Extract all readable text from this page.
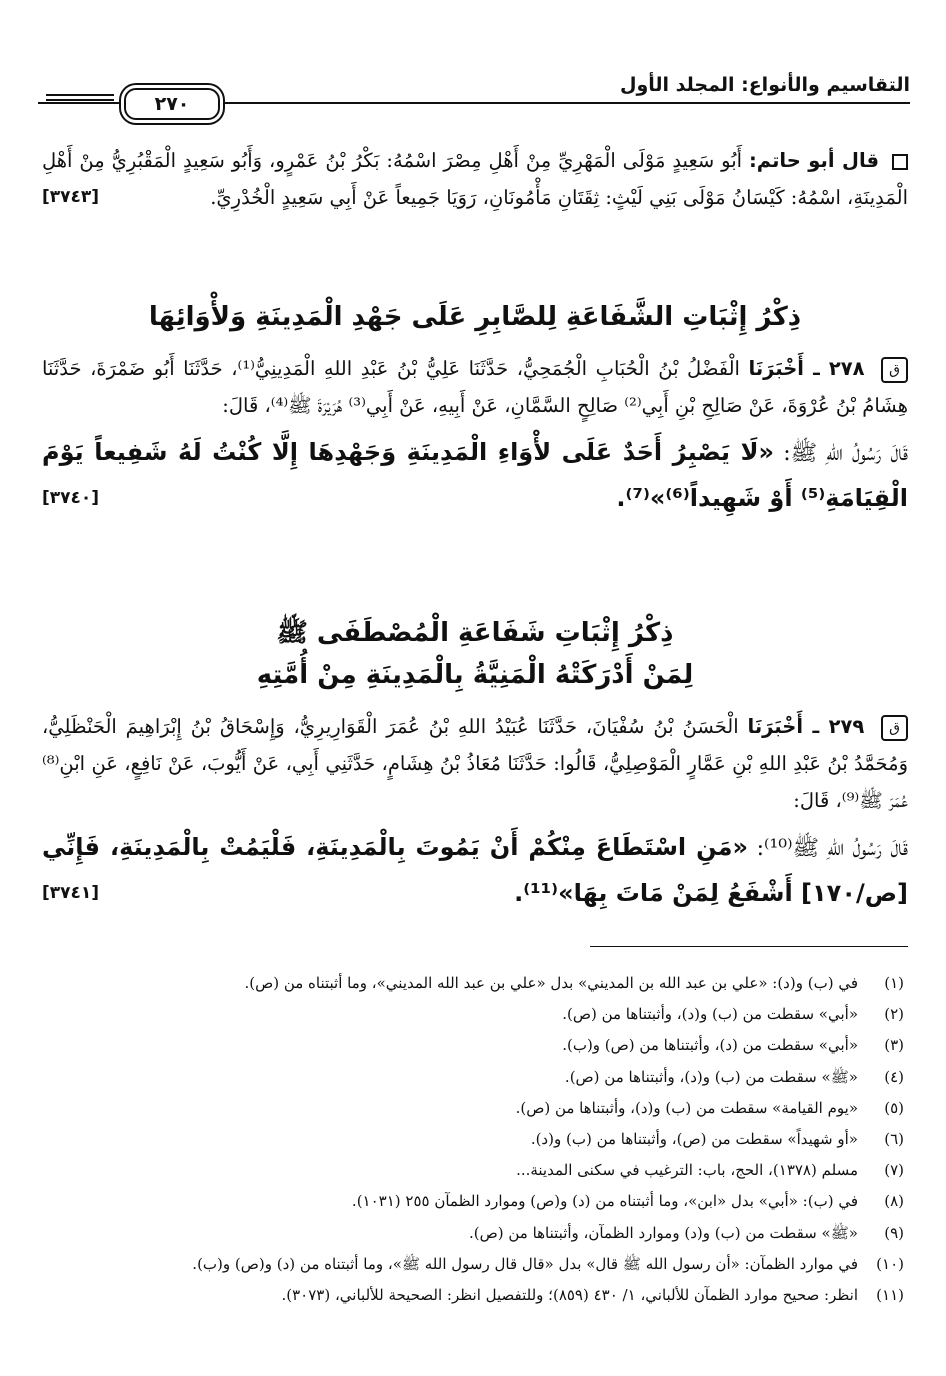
التقاسيم والأنواع: المجلد الأول
٢٧٠

قال أبو حاتم: أَبُو سَعِيدٍ مَوْلَى الْمَهْرِيِّ مِنْ أَهْلِ مِصْرَ اسْمُهُ: بَكْرُ بْنُ عَمْرٍو، وَأَبُو سَعِيدٍ الْمَقْبُرِيُّ مِنْ أَهْلِ الْمَدِينَةِ، اسْمُهُ: كَيْسَانُ مَوْلَى بَنِي لَيْثٍ: ثِقَتَانِ مَأْمُونَانِ، رَوَيَا جَمِيعاً عَنْ أَبِي سَعِيدٍ الْخُدْرِيِّ.
[٣٧٤٣]

ذِكْرُ إِثْبَاتِ الشَّفَاعَةِ لِلصَّابِرِ عَلَى جَهْدِ الْمَدِينَةِ وَلأْوَائِهَا

ق ٢٧٨ ـ أَخْبَرَنَا الْفَضْلُ بْنُ الْحُبَابِ الْجُمَحِيُّ، حَدَّثَنَا عَلِيُّ بْنُ عَبْدِ اللهِ الْمَدِينِيُّ⁽¹⁾، حَدَّثَنَا أَبُو ضَمْرَةَ، حَدَّثَنَا هِشَامُ بْنُ عُرْوَةَ، عَنْ صَالِحِ بْنِ أَبِي⁽²⁾ صَالِحٍ السَّمَّانِ، عَنْ أَبِيهِ، عَنْ أَبِي⁽³⁾ هُرَيْرَةَ ﷺ⁽⁴⁾، قَالَ:

قَالَ رَسُولُ اللهِ ﷺ: «لَا يَصْبِرُ أَحَدٌ عَلَى لأْوَاءِ الْمَدِينَةِ وَجَهْدِهَا إِلَّا كُنْتُ لَهُ شَفِيعاً يَوْمَ الْقِيَامَةِ⁽⁵⁾ أَوْ شَهِيداً⁽⁶⁾»⁽⁷⁾.
[٣٧٤٠]

ذِكْرُ إِثْبَاتِ شَفَاعَةِ الْمُصْطَفَى ﷺ
لِمَنْ أَدْرَكَتْهُ الْمَنِيَّةُ بِالْمَدِينَةِ مِنْ أُمَّتِهِ

ق ٢٧٩ ـ أَخْبَرَنَا الْحَسَنُ بْنُ سُفْيَانَ، حَدَّثَنَا عُبَيْدُ اللهِ بْنُ عُمَرَ الْقَوَارِيرِيُّ، وَإِسْحَاقُ بْنُ إِبْرَاهِيمَ الْحَنْظَلِيُّ، وَمُحَمَّدُ بْنُ عَبْدِ اللهِ بْنِ عَمَّارٍ الْمَوْصِلِيُّ، قَالُوا: حَدَّثَنَا مُعَاذُ بْنُ هِشَامٍ، حَدَّثَنِي أَبِي، عَنْ أَيُّوبَ، عَنْ نَافِعٍ، عَنِ ابْنِ⁽⁸⁾ عُمَرَ ﷺ⁽⁹⁾، قَالَ:

قَالَ رَسُولُ اللهِ ﷺ⁽¹⁰⁾: «مَنِ اسْتَطَاعَ مِنْكُمْ أَنْ يَمُوتَ بِالْمَدِينَةِ، فَلْيَمُتْ بِالْمَدِينَةِ، فَإِنِّي [ص/١٧٠] أَشْفَعُ لِمَنْ مَاتَ بِهَا»⁽¹¹⁾.
[٣٧٤١]

(١)
في (ب) و(د): «علي بن عبد الله بن المديني» بدل «علي بن عبد الله المديني»، وما أثبتناه من (ص).
(٢)
«أبي» سقطت من (ب) و(د)، وأثبتناها من (ص).
(٣)
«أبي» سقطت من (د)، وأثبتناها من (ص) و(ب).
(٤)
«ﷺ» سقطت من (ب) و(د)، وأثبتناها من (ص).
(٥)
«يوم القيامة» سقطت من (ب) و(د)، وأثبتناها من (ص).
(٦)
«أو شهيداً» سقطت من (ص)، وأثبتناها من (ب) و(د).
(٧)
مسلم (١٣٧٨)، الحج، باب: الترغيب في سكنى المدينة...
(٨)
في (ب): «أبي» بدل «ابن»، وما أثبتناه من (د) و(ص) وموارد الظمآن ٢٥٥ (١٠٣١).
(٩)
«ﷺ» سقطت من (ب) و(د) وموارد الظمآن، وأثبتناها من (ص).
(١٠)
في موارد الظمآن: «أن رسول الله ﷺ قال» بدل «قال قال رسول الله ﷺ»، وما أثبتناه من (د) و(ص) و(ب).
(١١)
انظر: صحيح موارد الظمآن للألباني، ١/ ٤٣٠ (٨٥٩)؛ وللتفصيل انظر: الصحيحة للألباني، (٣٠٧٣).
